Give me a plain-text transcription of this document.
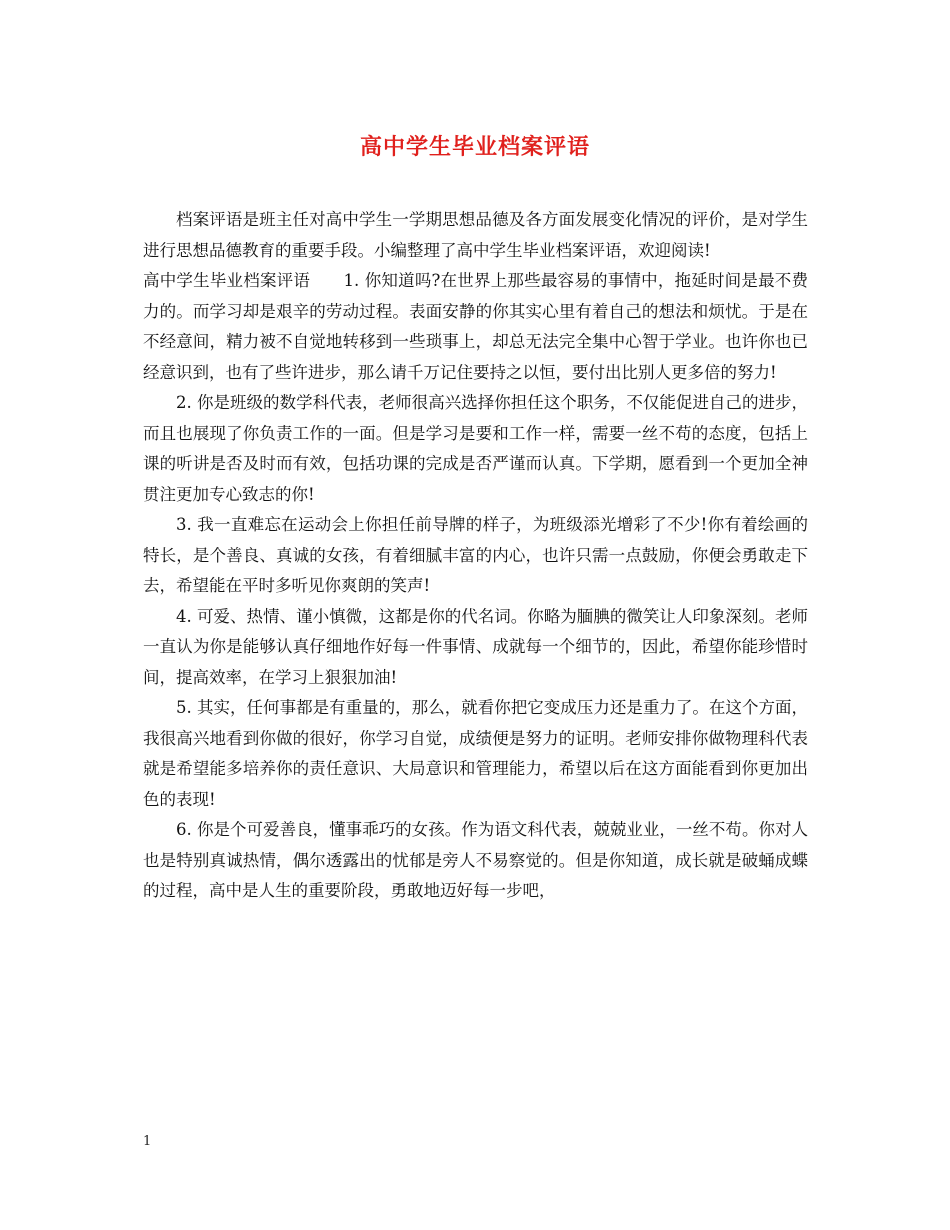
高中学生毕业档案评语

档案评语是班主任对高中学生一学期思想品德及各方面发展变化情况的评价，是对学生进行思想品德教育的重要手段。小编整理了高中学生毕业档案评语，欢迎阅读!

高中学生毕业档案评语　　1. 你知道吗?在世界上那些最容易的事情中，拖延时间是最不费力的。而学习却是艰辛的劳动过程。表面安静的你其实心里有着自己的想法和烦忧。于是在不经意间，精力被不自觉地转移到一些琐事上，却总无法完全集中心智于学业。也许你也已经意识到，也有了些许进步，那么请千万记住要持之以恒，要付出比别人更多倍的努力!

2. 你是班级的数学科代表，老师很高兴选择你担任这个职务，不仅能促进自己的进步，而且也展现了你负责工作的一面。但是学习是要和工作一样，需要一丝不苟的态度，包括上课的听讲是否及时而有效，包括功课的完成是否严谨而认真。下学期，愿看到一个更加全神贯注更加专心致志的你!

3. 我一直难忘在运动会上你担任前导牌的样子，为班级添光增彩了不少!你有着绘画的特长，是个善良、真诚的女孩，有着细腻丰富的内心，也许只需一点鼓励，你便会勇敢走下去，希望能在平时多听见你爽朗的笑声!

4. 可爱、热情、谨小慎微，这都是你的代名词。你略为腼腆的微笑让人印象深刻。老师一直认为你是能够认真仔细地作好每一件事情、成就每一个细节的，因此，希望你能珍惜时间，提高效率，在学习上狠狠加油!

5. 其实，任何事都是有重量的，那么，就看你把它变成压力还是重力了。在这个方面，我很高兴地看到你做的很好，你学习自觉，成绩便是努力的证明。老师安排你做物理科代表就是希望能多培养你的责任意识、大局意识和管理能力，希望以后在这方面能看到你更加出色的表现!

6. 你是个可爱善良，懂事乖巧的女孩。作为语文科代表，兢兢业业，一丝不苟。你对人也是特别真诚热情，偶尔透露出的忧郁是旁人不易察觉的。但是你知道，成长就是破蛹成蝶的过程，高中是人生的重要阶段，勇敢地迈好每一步吧，

1
